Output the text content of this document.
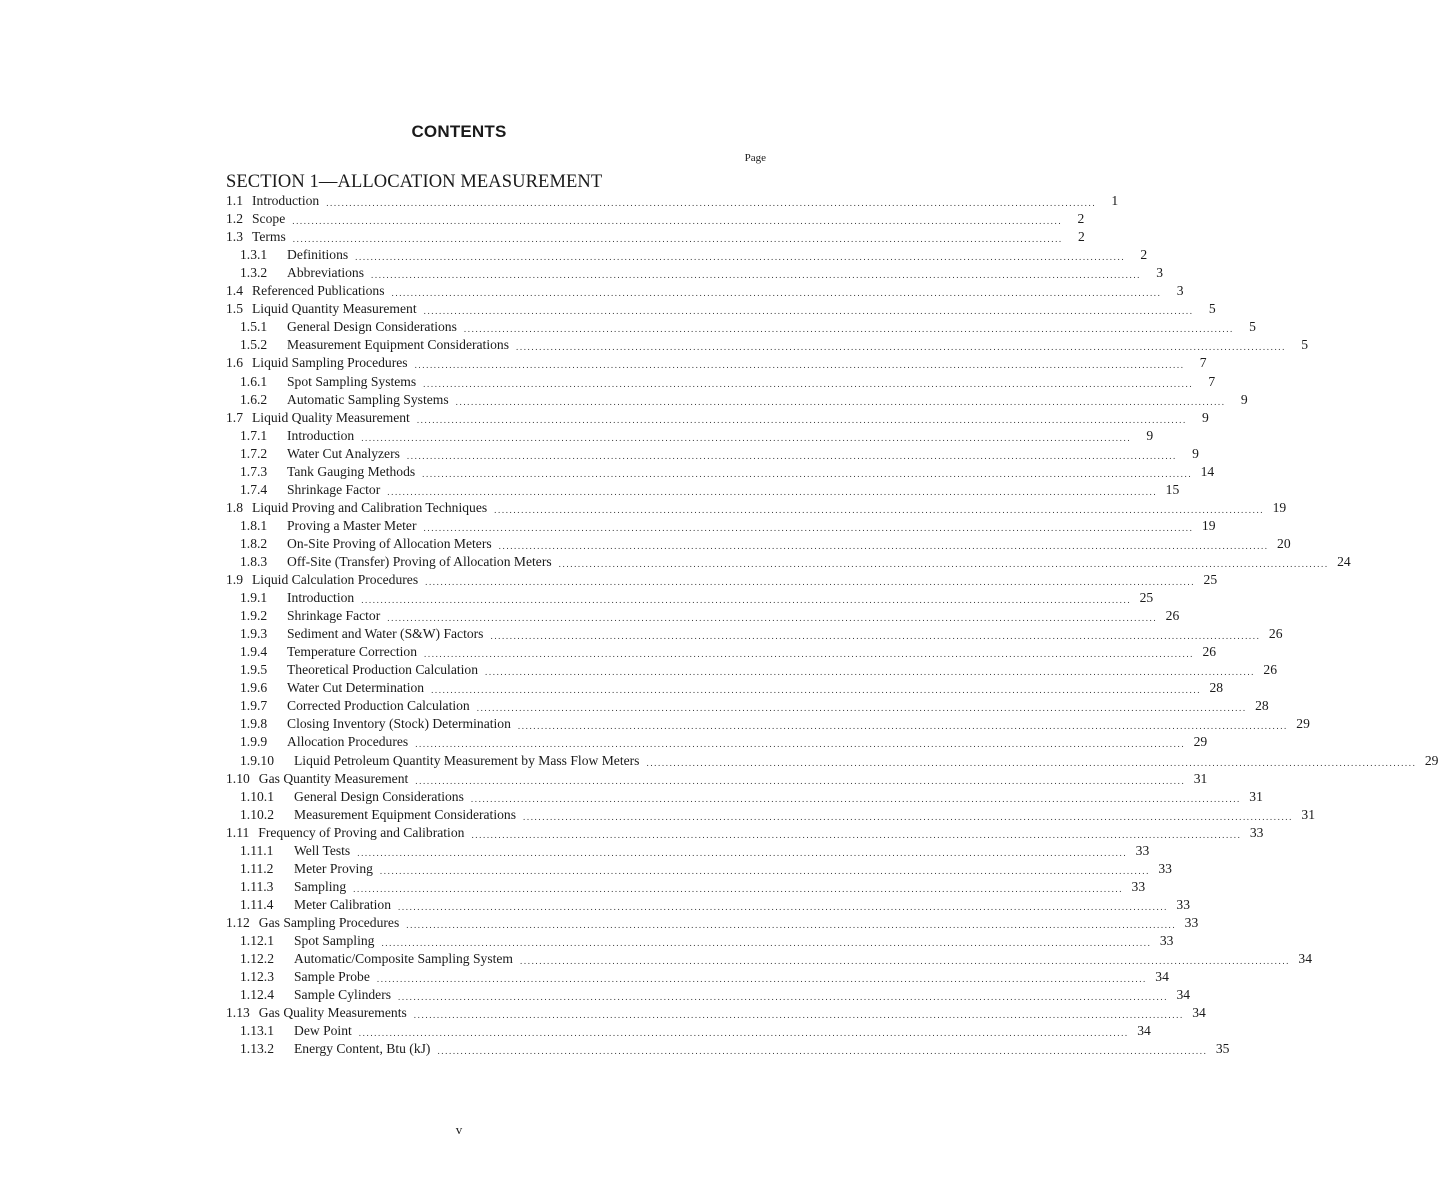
CONTENTS
Page
SECTION 1—ALLOCATION MEASUREMENT
1.1 Introduction ........................................................................................................................................................................................................	1
1.2 Scope ........................................................................................................................................................................................................	2
1.3 Terms ........................................................................................................................................................................................................	2
1.3.1	Definitions ........................................................................................................................................................................................................	2
1.3.2	Abbreviations ........................................................................................................................................................................................................	3
1.4 Referenced Publications ........................................................................................................................................................................................................	3
1.5 Liquid Quantity Measurement ........................................................................................................................................................................................................	5
1.5.1	General Design Considerations ........................................................................................................................................................................................................	5
1.5.2	Measurement Equipment Considerations ........................................................................................................................................................................................................	5
1.6 Liquid Sampling Procedures ........................................................................................................................................................................................................	7
1.6.1	Spot Sampling Systems ........................................................................................................................................................................................................	7
1.6.2	Automatic Sampling Systems ........................................................................................................................................................................................................	9
1.7 Liquid Quality Measurement ........................................................................................................................................................................................................	9
1.7.1	Introduction ........................................................................................................................................................................................................	9
1.7.2	Water Cut Analyzers ........................................................................................................................................................................................................	9
1.7.3	Tank Gauging Methods ........................................................................................................................................................................................................ 14
1.7.4	Shrinkage Factor ........................................................................................................................................................................................................ 15
1.8 Liquid Proving and Calibration Techniques ........................................................................................................................................................................................................ 19
1.8.1	Proving a Master Meter ........................................................................................................................................................................................................ 19
1.8.2	On-Site Proving of Allocation Meters ........................................................................................................................................................................................................ 20
1.8.3	Off-Site (Transfer) Proving of Allocation Meters ........................................................................................................................................................................................................ 24
1.9 Liquid Calculation Procedures ........................................................................................................................................................................................................ 25
1.9.1	Introduction ........................................................................................................................................................................................................ 25
1.9.2	Shrinkage Factor ........................................................................................................................................................................................................ 26
1.9.3	Sediment and Water (S&W) Factors ........................................................................................................................................................................................................ 26
1.9.4	Temperature Correction ........................................................................................................................................................................................................ 26
1.9.5	Theoretical Production Calculation ........................................................................................................................................................................................................ 26
1.9.6	Water Cut Determination ........................................................................................................................................................................................................ 28
1.9.7	Corrected Production Calculation ........................................................................................................................................................................................................ 28
1.9.8	Closing Inventory (Stock) Determination ........................................................................................................................................................................................................ 29
1.9.9	Allocation Procedures ........................................................................................................................................................................................................ 29
1.9.10	Liquid Petroleum Quantity Measurement by Mass Flow Meters ........................................................................................................................................................................................................ 29
1.10 Gas Quantity Measurement ........................................................................................................................................................................................................ 31
1.10.1	General Design Considerations ........................................................................................................................................................................................................ 31
1.10.2	Measurement Equipment Considerations ........................................................................................................................................................................................................ 31
1.11 Frequency of Proving and Calibration ........................................................................................................................................................................................................ 33
1.11.1	Well Tests ........................................................................................................................................................................................................ 33
1.11.2	Meter Proving ........................................................................................................................................................................................................ 33
1.11.3	Sampling ........................................................................................................................................................................................................ 33
1.11.4	Meter Calibration ........................................................................................................................................................................................................ 33
1.12 Gas Sampling Procedures ........................................................................................................................................................................................................ 33
1.12.1	Spot Sampling ........................................................................................................................................................................................................ 33
1.12.2	Automatic/Composite Sampling System ........................................................................................................................................................................................................ 34
1.12.3	Sample Probe ........................................................................................................................................................................................................ 34
1.12.4	Sample Cylinders ........................................................................................................................................................................................................ 34
1.13 Gas Quality Measurements ........................................................................................................................................................................................................ 34
1.13.1	Dew Point ........................................................................................................................................................................................................ 34
1.13.2	Energy Content, Btu (kJ) ........................................................................................................................................................................................................ 35
v
